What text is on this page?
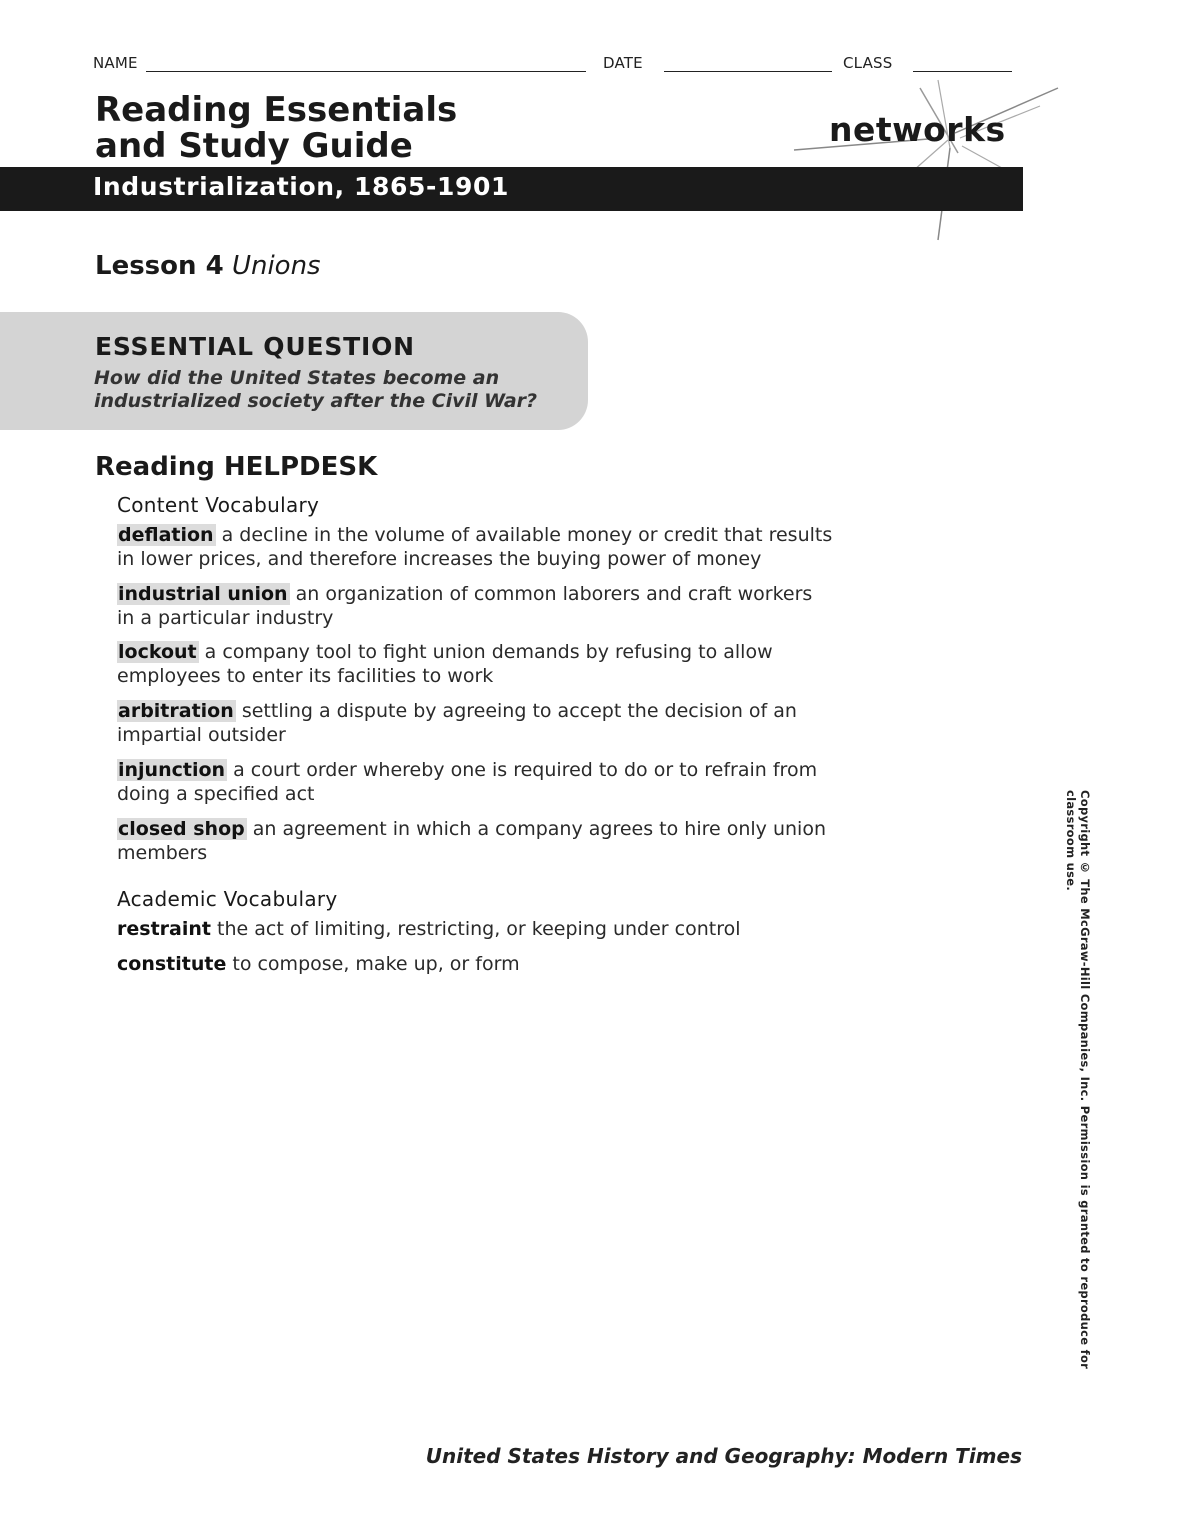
NAME	DATE	CLASS
Reading Essentials
and Study Guide	networks
Industrialization, 1865-1901
Lesson 4 Unions
ESSENTIAL QUESTION
How did the United States become an
industrialized society after the Civil War?
Reading HELPDESK
Content Vocabulary

deflation a decline in the volume of available money or credit that results
in lower prices, and therefore increases the buying power of money

industrial union an organization of common laborers and craft workers
in a particular industry

lockout a company tool to fight union demands by refusing to allow
employees to enter its facilities to work

arbitration settling a dispute by agreeing to accept the decision of an
impartial outsider

injunction a court order whereby one is required to do or to refrain from
doing a specified act

closed shop an agreement in which a company agrees to hire only union
members

Academic Vocabulary

restraint the act of limiting, restricting, or keeping under control

constitute to compose, make up, or form	Copyright © The McGraw-Hill Companies, Inc. Permission is granted to reproduce for classroom use.
United States History and Geography: Modern Times
